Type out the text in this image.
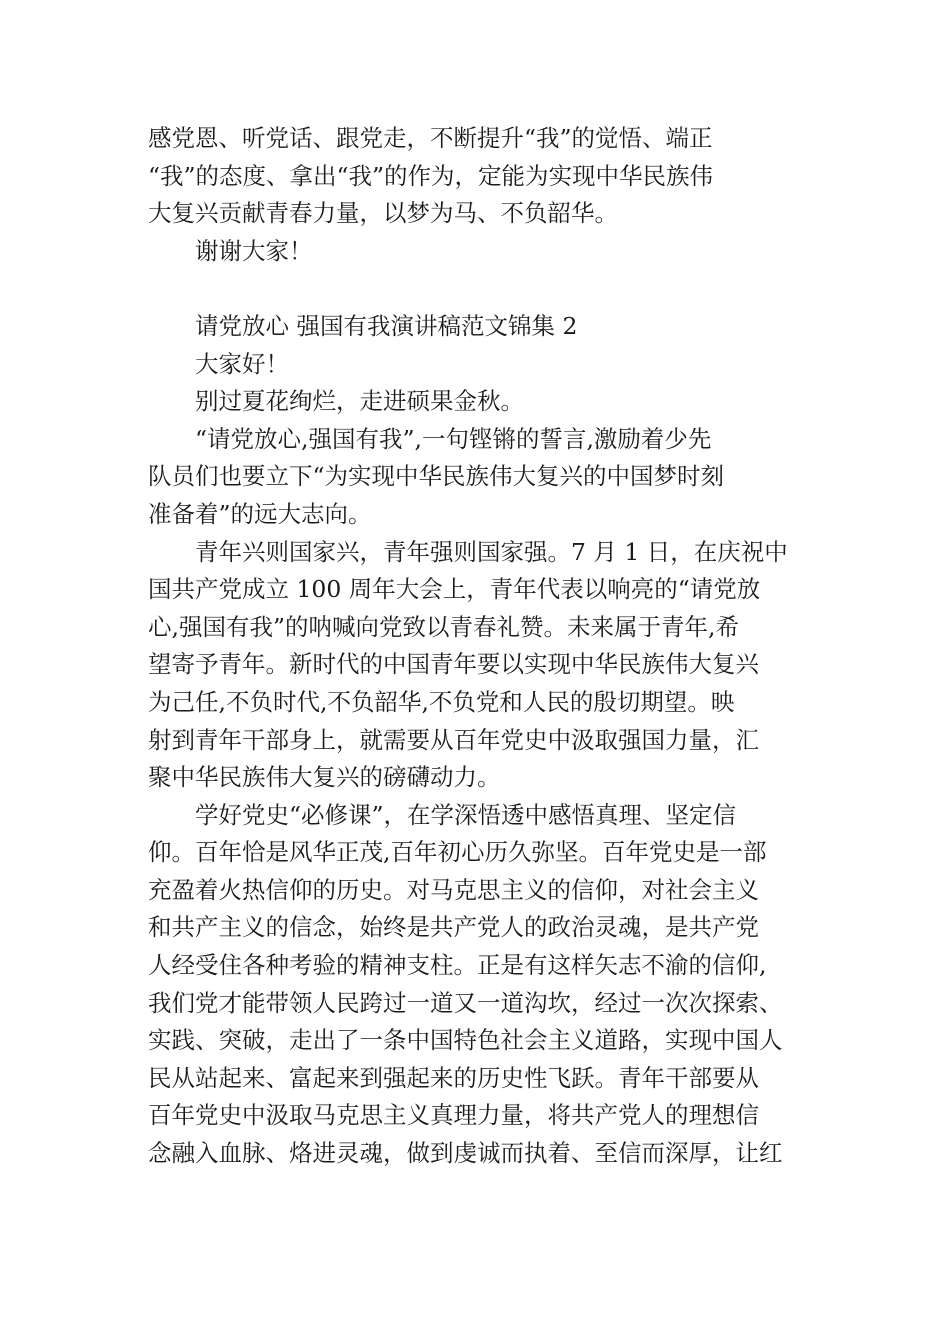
感党恩、听党话、跟党走，不断提升“我”的觉悟、端正
“我”的态度、拿出“我”的作为，定能为实现中华民族伟
大复兴贡献青春力量，以梦为马、不负韶华。
谢谢大家！
请党放心 强国有我演讲稿范文锦集 2
大家好！
别过夏花绚烂，走进硕果金秋。
“请党放心,强国有我”,一句铿锵的誓言,激励着少先
队员们也要立下“为实现中华民族伟大复兴的中国梦时刻
准备着”的远大志向。
青年兴则国家兴，青年强则国家强。7 月 1 日，在庆祝中
国共产党成立 100 周年大会上，青年代表以响亮的“请党放
心,强国有我”的呐喊向党致以青春礼赞。未来属于青年,希
望寄予青年。新时代的中国青年要以实现中华民族伟大复兴
为己任,不负时代,不负韶华,不负党和人民的殷切期望。映
射到青年干部身上，就需要从百年党史中汲取强国力量，汇
聚中华民族伟大复兴的磅礴动力。
学好党史“必修课”，在学深悟透中感悟真理、坚定信
仰。百年恰是风华正茂,百年初心历久弥坚。百年党史是一部
充盈着火热信仰的历史。对马克思主义的信仰，对社会主义
和共产主义的信念，始终是共产党人的政治灵魂，是共产党
人经受住各种考验的精神支柱。正是有这样矢志不渝的信仰,
我们党才能带领人民跨过一道又一道沟坎，经过一次次探索、
实践、突破，走出了一条中国特色社会主义道路，实现中国人
民从站起来、富起来到强起来的历史性飞跃。青年干部要从
百年党史中汲取马克思主义真理力量，将共产党人的理想信
念融入血脉、烙进灵魂，做到虔诚而执着、至信而深厚，让红
